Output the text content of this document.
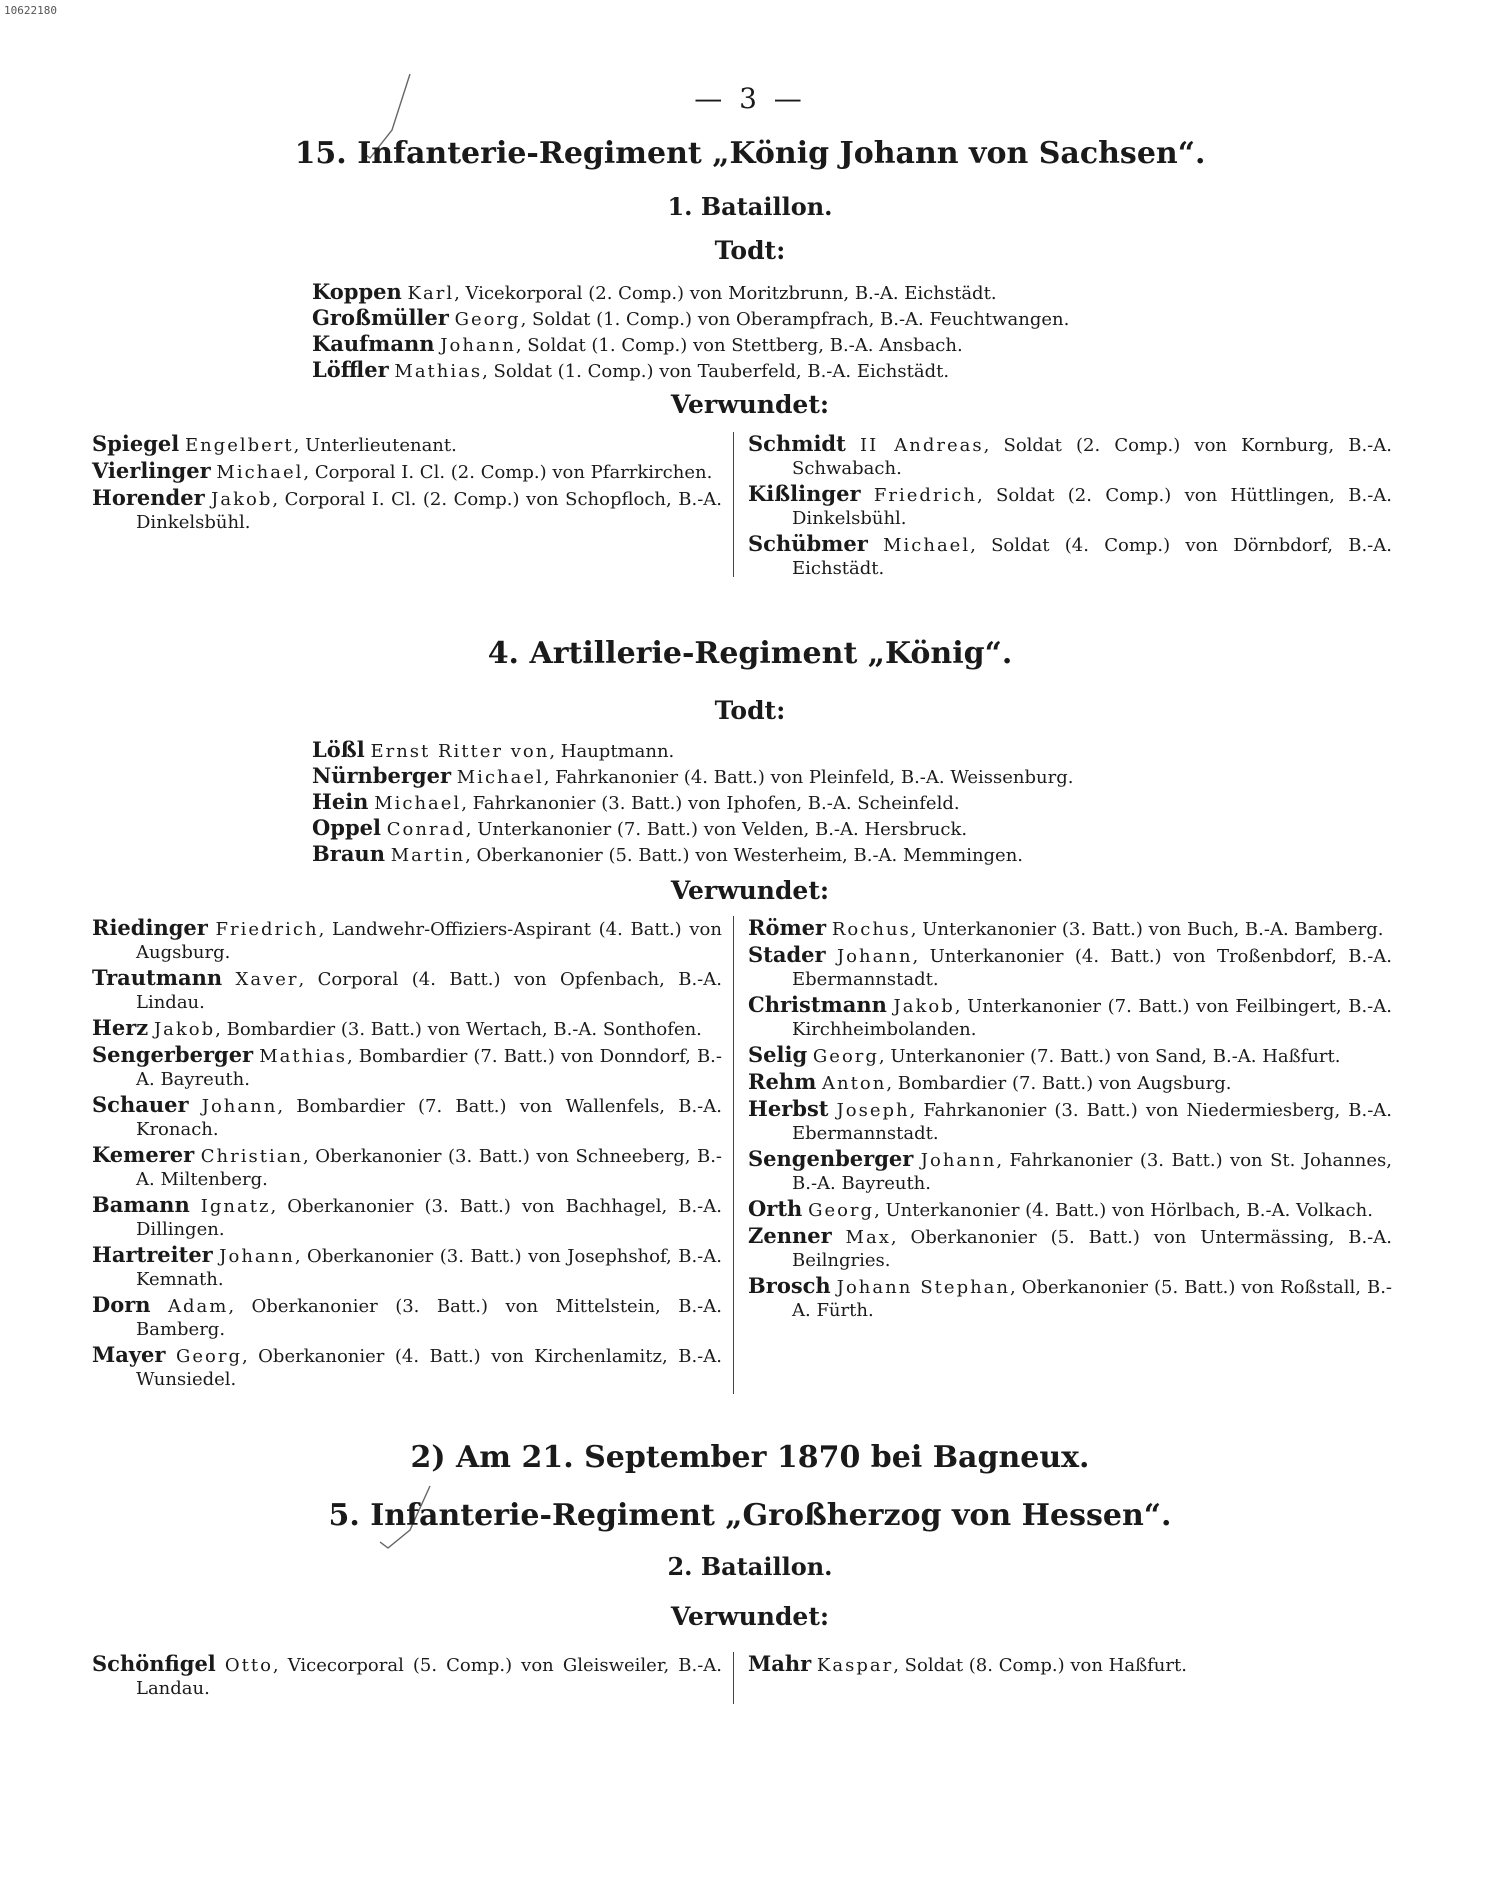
10622180
— 3 —
15. Infanterie-Regiment „König Johann von Sachsen“.
1. Bataillon.
Todt:

Koppen Karl, Vicekorporal (2. Comp.) von Moritzbrunn, B.-A. Eichstädt.

Großmüller Georg, Soldat (1. Comp.) von Oberampfrach, B.-A. Feuchtwangen.

Kaufmann Johann, Soldat (1. Comp.) von Stettberg, B.-A. Ansbach.

Löffler Mathias, Soldat (1. Comp.) von Tauberfeld, B.-A. Eichstädt.

Verwundet:

Spiegel Engelbert, Unterlieutenant.

Vierlinger Michael, Corporal I. Cl. (2. Comp.) von Pfarrkirchen.

Horender Jakob, Corporal I. Cl. (2. Comp.) von Schopfloch, B.-A. Dinkelsbühl.

Schmidt II Andreas, Soldat (2. Comp.) von Kornburg, B.-A. Schwabach.

Kißlinger Friedrich, Soldat (2. Comp.) von Hüttlingen, B.-A. Dinkelsbühl.

Schübmer Michael, Soldat (4. Comp.) von Dörnbdorf, B.-A. Eichstädt.

4. Artillerie-Regiment „König“.
Todt:

Lößl Ernst Ritter von, Hauptmann.

Nürnberger Michael, Fahrkanonier (4. Batt.) von Pleinfeld, B.-A. Weissenburg.

Hein Michael, Fahrkanonier (3. Batt.) von Iphofen, B.-A. Scheinfeld.

Oppel Conrad, Unterkanonier (7. Batt.) von Velden, B.-A. Hersbruck.

Braun Martin, Oberkanonier (5. Batt.) von Westerheim, B.-A. Memmingen.

Verwundet:

Riedinger Friedrich, Landwehr-Offiziers-Aspirant (4. Batt.) von Augsburg.

Trautmann Xaver, Corporal (4. Batt.) von Opfenbach, B.-A. Lindau.

Herz Jakob, Bombardier (3. Batt.) von Wertach, B.-A. Sonthofen.

Sengerberger Mathias, Bombardier (7. Batt.) von Donndorf, B.-A. Bayreuth.

Schauer Johann, Bombardier (7. Batt.) von Wallenfels, B.-A. Kronach.

Kemerer Christian, Oberkanonier (3. Batt.) von Schneeberg, B.-A. Miltenberg.

Bamann Ignatz, Oberkanonier (3. Batt.) von Bachhagel, B.-A. Dillingen.

Hartreiter Johann, Oberkanonier (3. Batt.) von Josephshof, B.-A. Kemnath.

Dorn Adam, Oberkanonier (3. Batt.) von Mittelstein, B.-A. Bamberg.

Mayer Georg, Oberkanonier (4. Batt.) von Kirchenlamitz, B.-A. Wunsiedel.

Römer Rochus, Unterkanonier (3. Batt.) von Buch, B.-A. Bamberg.

Stader Johann, Unterkanonier (4. Batt.) von Troßenbdorf, B.-A. Ebermannstadt.

Christmann Jakob, Unterkanonier (7. Batt.) von Feilbingert, B.-A. Kirchheimbolanden.

Selig Georg, Unterkanonier (7. Batt.) von Sand, B.-A. Haßfurt.

Rehm Anton, Bombardier (7. Batt.) von Augsburg.

Herbst Joseph, Fahrkanonier (3. Batt.) von Niedermiesberg, B.-A. Ebermannstadt.

Sengenberger Johann, Fahrkanonier (3. Batt.) von St. Johannes, B.-A. Bayreuth.

Orth Georg, Unterkanonier (4. Batt.) von Hörlbach, B.-A. Volkach.

Zenner Max, Oberkanonier (5. Batt.) von Untermässing, B.-A. Beilngries.

Brosch Johann Stephan, Oberkanonier (5. Batt.) von Roßstall, B.-A. Fürth.

2) Am 21. September 1870 bei Bagneux.
5. Infanterie-Regiment „Großherzog von Hessen“.
2. Bataillon.
Verwundet:

Schönfigel Otto, Vicecorporal (5. Comp.) von Gleisweiler, B.-A. Landau.

Mahr Kaspar, Soldat (8. Comp.) von Haßfurt.
